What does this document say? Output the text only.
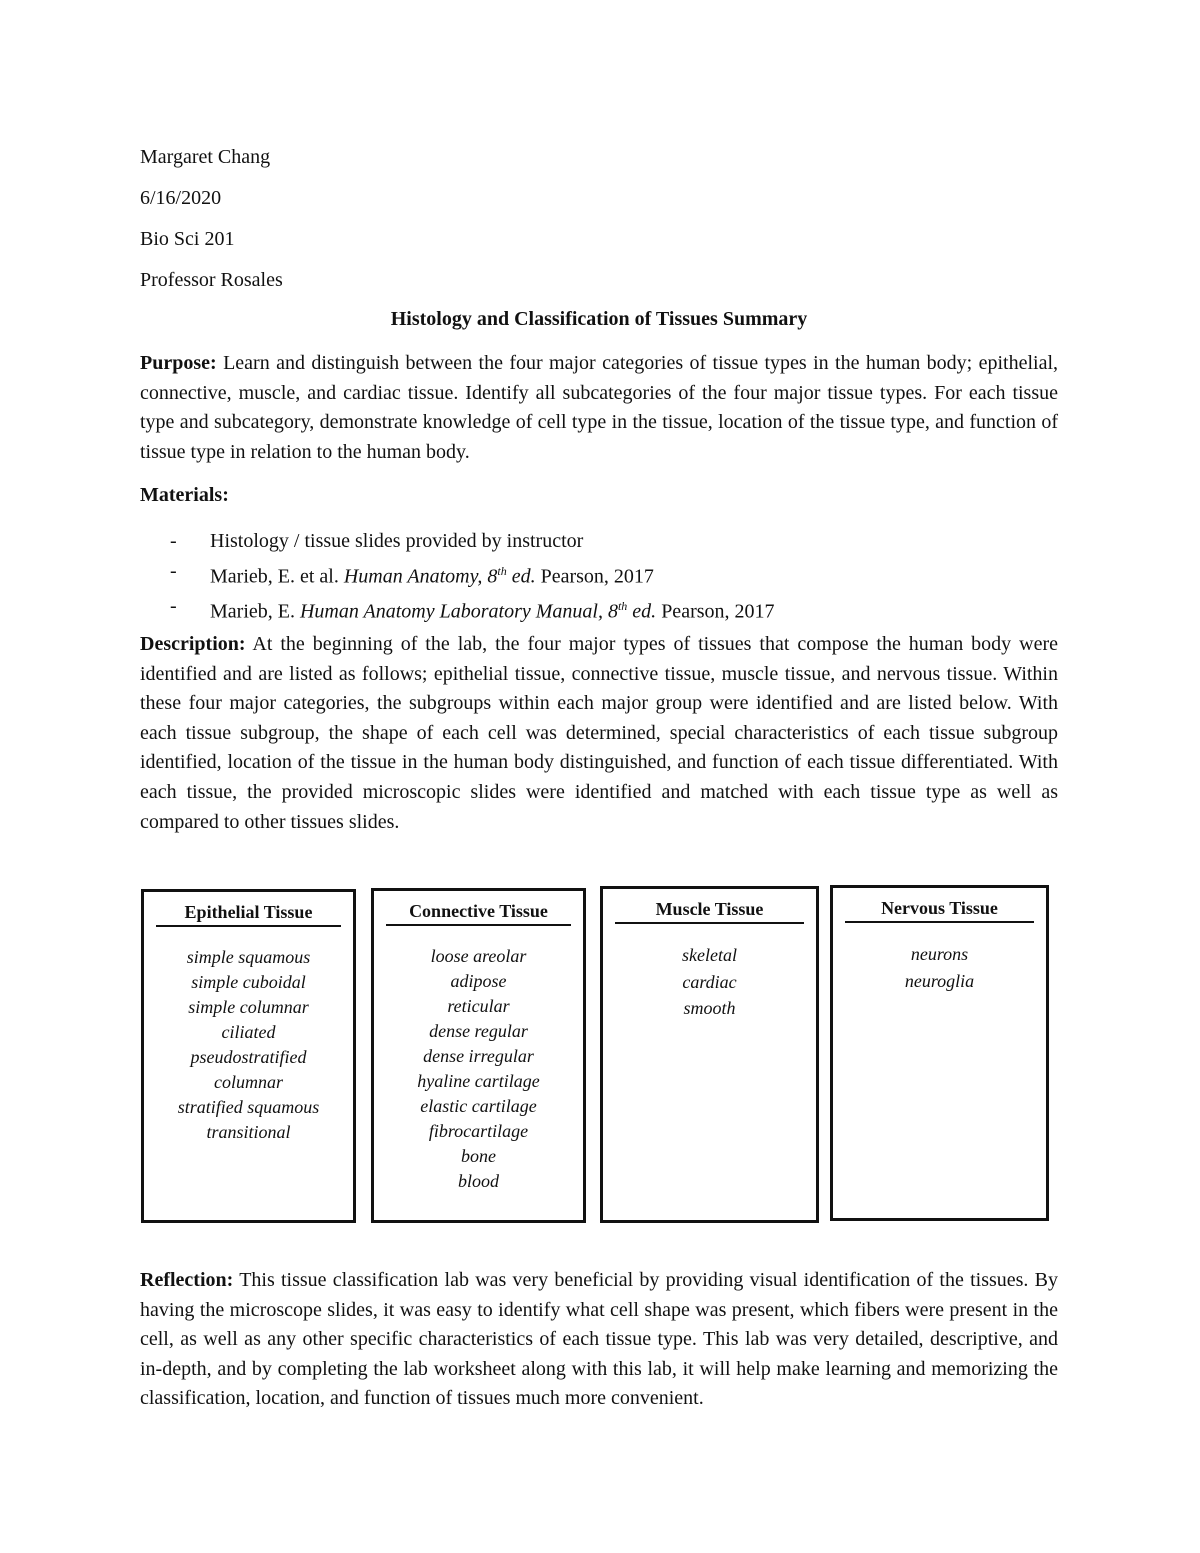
Margaret Chang
6/16/2020
Bio Sci 201
Professor Rosales
Histology and Classification of Tissues Summary
Purpose: Learn and distinguish between the four major categories of tissue types in the human body; epithelial, connective, muscle, and cardiac tissue. Identify all subcategories of the four major tissue types. For each tissue type and subcategory, demonstrate knowledge of cell type in the tissue, location of the tissue type, and function of tissue type in relation to the human body.
Materials:
- Histology / tissue slides provided by instructor
- Marieb, E. et al. Human Anatomy, 8th ed. Pearson, 2017
- Marieb, E. Human Anatomy Laboratory Manual, 8th ed. Pearson, 2017
Description: At the beginning of the lab, the four major types of tissues that compose the human body were identified and are listed as follows; epithelial tissue, connective tissue, muscle tissue, and nervous tissue. Within these four major categories, the subgroups within each major group were identified and are listed below. With each tissue subgroup, the shape of each cell was determined, special characteristics of each tissue subgroup identified, location of the tissue in the human body distinguished, and function of each tissue differentiated. With each tissue, the provided microscopic slides were identified and matched with each tissue type as well as compared to other tissues slides.
Epithelial Tissue
simple squamous
simple cuboidal
simple columnar
ciliated
pseudostratified
columnar
stratified squamous
transitional
Connective Tissue
loose areolar
adipose
reticular
dense regular
dense irregular
hyaline cartilage
elastic cartilage
fibrocartilage
bone
blood
Muscle Tissue
skeletal
cardiac
smooth
Nervous Tissue
neurons
neuroglia
Reflection: This tissue classification lab was very beneficial by providing visual identification of the tissues. By having the microscope slides, it was easy to identify what cell shape was present, which fibers were present in the cell, as well as any other specific characteristics of each tissue type. This lab was very detailed, descriptive, and in-depth, and by completing the lab worksheet along with this lab, it will help make learning and memorizing the classification, location, and function of tissues much more convenient.
